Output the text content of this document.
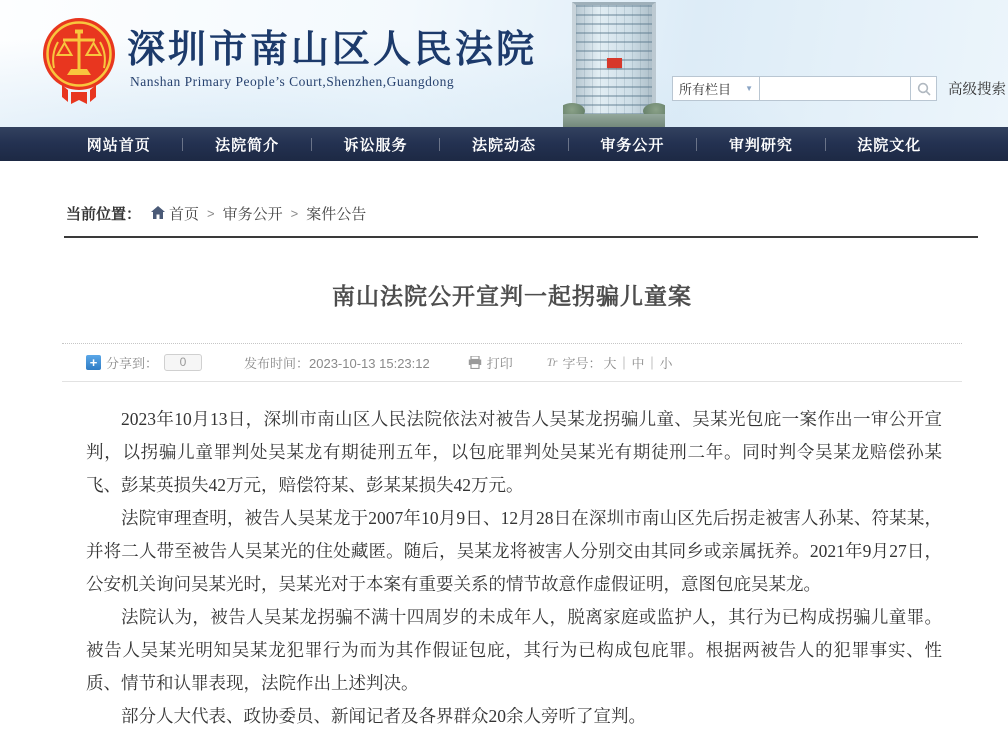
深圳市南山区人民法院
Nanshan Primary People’s Court,Shenzhen,Guangdong
所有栏目 ▼	高级搜索
网站首页	法院简介	诉讼服务	法院动态	审务公开	审判研究	法院文化
当前位置： 首页 > 审务公开 > 案件公告
南山法院公开宣判一起拐骗儿童案
+ 分享到：	0	发布时间：2023-10-13 15:23:12	打印	Tr 字号： 大｜中｜小

2023年10月13日，深圳市南山区人民法院依法对被告人吴某龙拐骗儿童、吴某光包庇一案作出一审公开宣判，以拐骗儿童罪判处吴某龙有期徒刑五年，以包庇罪判处吴某光有期徒刑二年。同时判令吴某龙赔偿孙某飞、彭某英损失42万元，赔偿符某、彭某某损失42万元。

法院审理查明，被告人吴某龙于2007年10月9日、12月28日在深圳市南山区先后拐走被害人孙某、符某某，并将二人带至被告人吴某光的住处藏匿。随后，吴某龙将被害人分别交由其同乡或亲属抚养。2021年9月27日，公安机关询问吴某光时，吴某光对于本案有重要关系的情节故意作虚假证明，意图包庇吴某龙。

法院认为，被告人吴某龙拐骗不满十四周岁的未成年人，脱离家庭或监护人，其行为已构成拐骗儿童罪。被告人吴某光明知吴某龙犯罪行为而为其作假证包庇，其行为已构成包庇罪。根据两被告人的犯罪事实、性质、情节和认罪表现，法院作出上述判决。

部分人大代表、政协委员、新闻记者及各界群众20余人旁听了宣判。
